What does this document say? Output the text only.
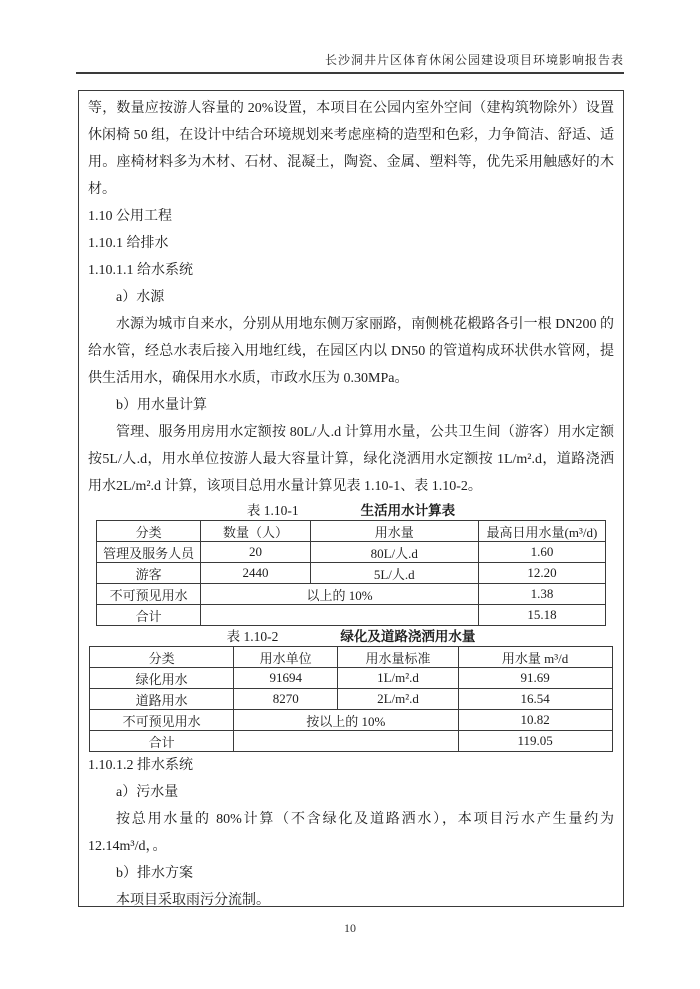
长沙洞井片区体育休闲公园建设项目环境影响报告表

等，数量应按游人容量的 20%设置，本项目在公园内室外空间（建构筑物除外）设置休闲椅 50 组，在设计中结合环境规划来考虑座椅的造型和色彩，力争简洁、舒适、适用。座椅材料多为木材、石材、混凝土，陶瓷、金属、塑料等，优先采用触感好的木材。

1.10 公用工程

1.10.1 给排水

1.10.1.1 给水系统

a）水源

水源为城市自来水，分别从用地东侧万家丽路，南侧桃花椴路各引一根 DN200 的给水管，经总水表后接入用地红线，在园区内以 DN50 的管道构成环状供水管网，提供生活用水，确保用水水质，市政水压为 0.30MPa。

b）用水量计算

管理、服务用房用水定额按 80L/人.d 计算用水量，公共卫生间（游客）用水定额按5L/人.d，用水单位按游人最大容量计算，绿化浇洒用水定额按 1L/m².d，道路浇洒用水2L/m².d 计算，该项目总用水量计算见表 1.10-1、表 1.10-2。

表 1.10-1	生活用水计算表
分类	数量（人）	用水量	最高日用水量(m³/d)
管理及服务人员	20	80L/人.d	1.60
游客	2440	5L/人.d	12.20
不可预见用水	以上的 10%		1.38
合计			15.18
表 1.10-2	绿化及道路浇洒用水量
分类	用水单位	用水量标准	用水量 m³/d
绿化用水	91694	1L/m².d	91.69
道路用水	8270	2L/m².d	16.54
不可预见用水	按以上的 10%		10.82
合计			119.05

1.10.1.2 排水系统

a）污水量

按总用水量的 80%计算（不含绿化及道路洒水），本项目污水产生量约为12.14m³/d，。

b）排水方案

本项目采取雨污分流制。

10
